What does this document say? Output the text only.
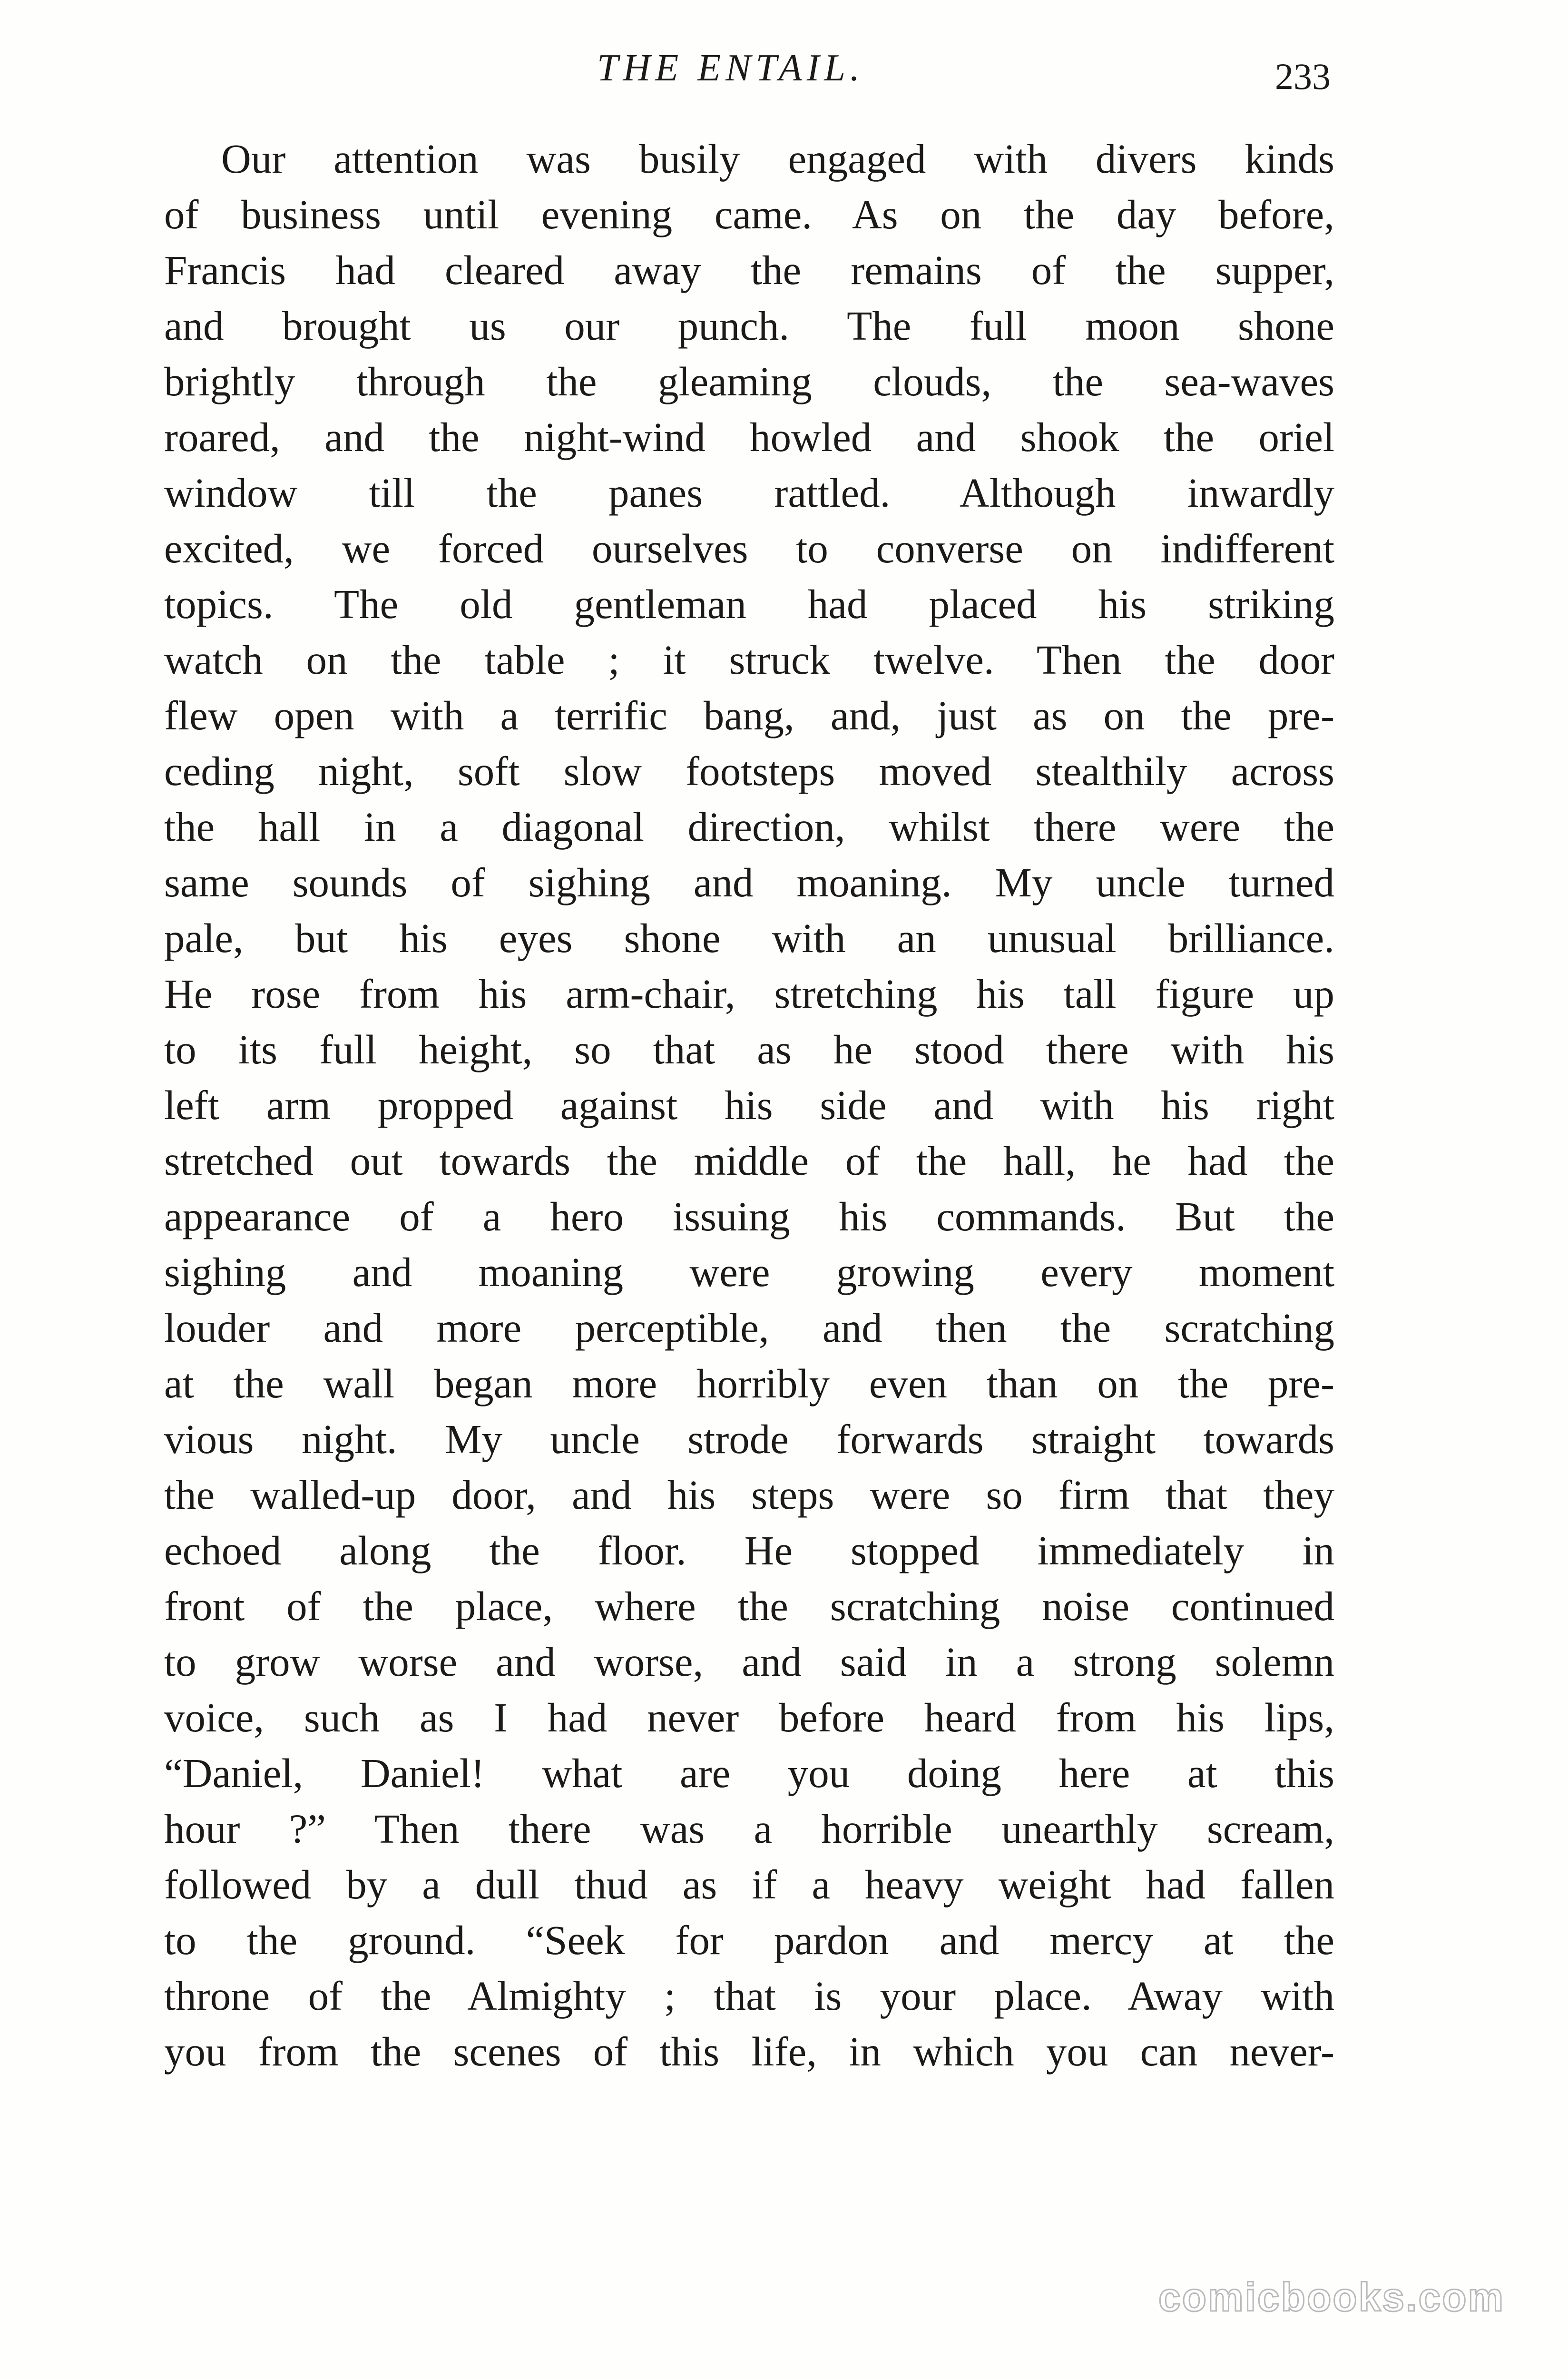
THE ENTAIL.	233
Our attention was busily engaged with divers kinds
of business until evening came. As on the day before,
Francis had cleared away the remains of the supper,
and brought us our punch. The full moon shone
brightly through the gleaming clouds, the sea-waves
roared, and the night-wind howled and shook the oriel
window till the panes rattled. Although inwardly
excited, we forced ourselves to converse on indifferent
topics. The old gentleman had placed his striking
watch on the table ; it struck twelve. Then the door
flew open with a terrific bang, and, just as on the pre-
ceding night, soft slow footsteps moved stealthily across
the hall in a diagonal direction, whilst there were the
same sounds of sighing and moaning. My uncle turned
pale, but his eyes shone with an unusual brilliance.
He rose from his arm-chair, stretching his tall figure up
to its full height, so that as he stood there with his
left arm propped against his side and with his right
stretched out towards the middle of the hall, he had the
appearance of a hero issuing his commands. But the
sighing and moaning were growing every moment
louder and more perceptible, and then the scratching
at the wall began more horribly even than on the pre-
vious night. My uncle strode forwards straight towards
the walled-up door, and his steps were so firm that they
echoed along the floor. He stopped immediately in
front of the place, where the scratching noise continued
to grow worse and worse, and said in a strong solemn
voice, such as I had never before heard from his lips,
“Daniel, Daniel! what are you doing here at this
hour ?” Then there was a horrible unearthly scream,
followed by a dull thud as if a heavy weight had fallen
to the ground. “Seek for pardon and mercy at the
throne of the Almighty ; that is your place. Away with
you from the scenes of this life, in which you can never-
comicbooks.com
